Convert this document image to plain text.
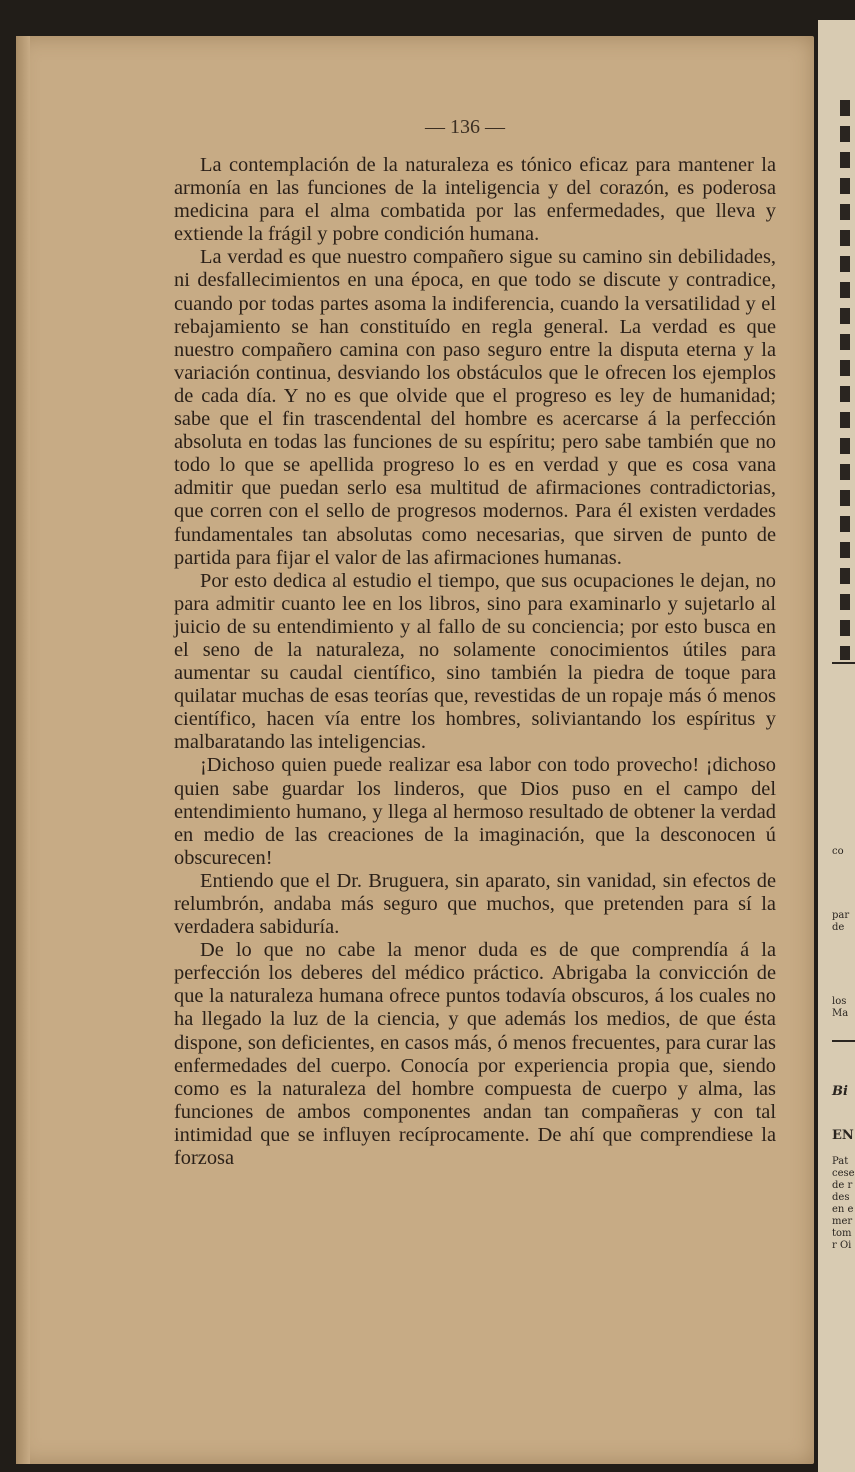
co
par
de
los
Ma
Bi
EN
Pat
cese
de r
des
en e
mer
tom
r Oi
— 136 —

La contemplación de la naturaleza es tónico eficaz para mantener la armonía en las funciones de la inteligencia y del corazón, es poderosa medicina para el alma combatida por las enfermedades, que lleva y extiende la frágil y pobre condición humana.

La verdad es que nuestro compañero sigue su camino sin debilidades, ni desfallecimientos en una época, en que todo se discute y contradice, cuando por todas partes asoma la indiferencia, cuando la versatilidad y el rebajamiento se han constituído en regla general. La verdad es que nuestro compañero camina con paso seguro entre la disputa eterna y la variación continua, desviando los obstáculos que le ofrecen los ejemplos de cada día. Y no es que olvide que el progreso es ley de humanidad; sabe que el fin trascendental del hombre es acercarse á la perfección absoluta en todas las funciones de su espíritu; pero sabe también que no todo lo que se apellida progreso lo es en verdad y que es cosa vana admitir que puedan serlo esa multitud de afirmaciones contradictorias, que corren con el sello de progresos modernos. Para él existen verdades fundamentales tan absolutas como necesarias, que sirven de punto de partida para fijar el valor de las afirmaciones humanas.

Por esto dedica al estudio el tiempo, que sus ocupaciones le dejan, no para admitir cuanto lee en los libros, sino para examinarlo y sujetarlo al juicio de su entendimiento y al fallo de su conciencia; por esto busca en el seno de la naturaleza, no solamente conocimientos útiles para aumentar su caudal científico, sino también la piedra de toque para quilatar muchas de esas teorías que, revestidas de un ropaje más ó menos científico, hacen vía entre los hombres, soliviantando los espíritus y malbaratando las inteligencias.

¡Dichoso quien puede realizar esa labor con todo provecho! ¡dichoso quien sabe guardar los linderos, que Dios puso en el campo del entendimiento humano, y llega al hermoso resultado de obtener la verdad en medio de las creaciones de la imaginación, que la desconocen ú obscurecen!

Entiendo que el Dr. Bruguera, sin aparato, sin vanidad, sin efectos de relumbrón, andaba más seguro que muchos, que pretenden para sí la verdadera sabiduría.

De lo que no cabe la menor duda es de que comprendía á la perfección los deberes del médico práctico. Abrigaba la convicción de que la naturaleza humana ofrece puntos todavía obscuros, á los cuales no ha llegado la luz de la ciencia, y que además los medios, de que ésta dispone, son deficientes, en casos más, ó menos frecuentes, para curar las enfermedades del cuerpo. Conocía por experiencia propia que, siendo como es la naturaleza del hombre compuesta de cuerpo y alma, las funciones de ambos componentes andan tan compañeras y con tal intimidad que se influyen recíprocamente. De ahí que comprendiese la forzosa
